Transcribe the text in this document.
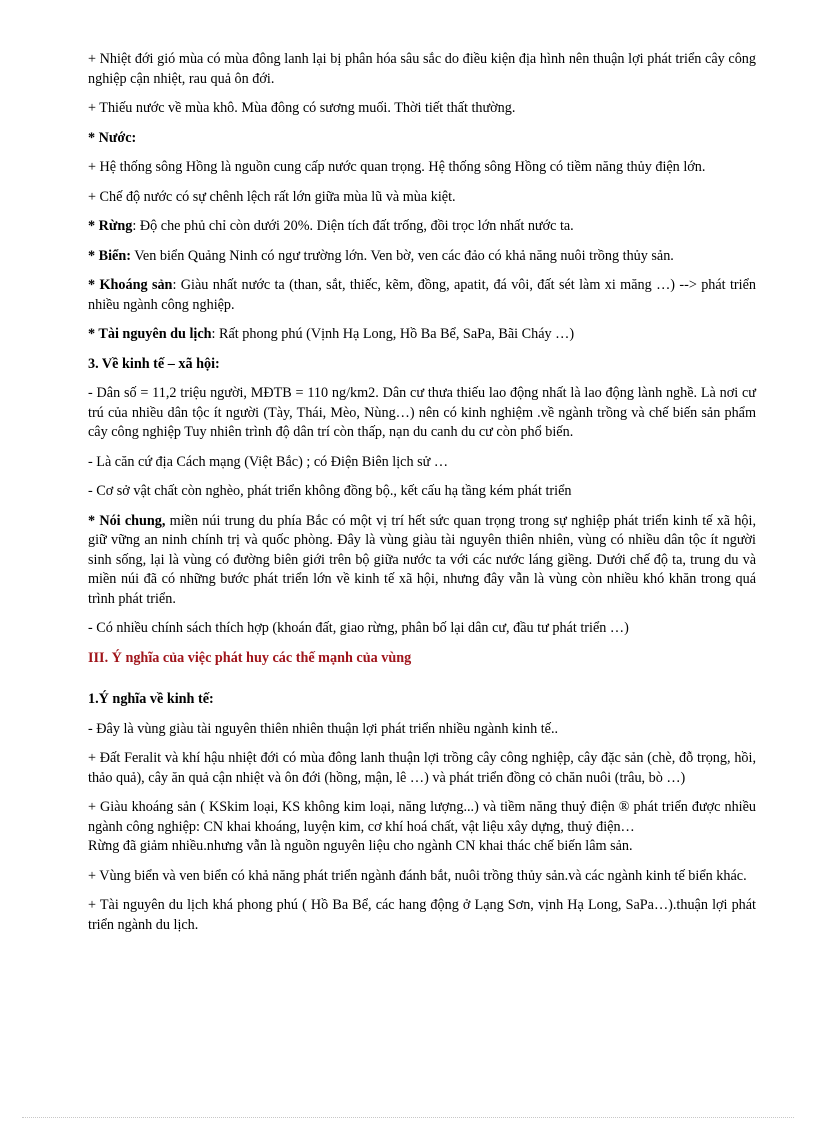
+ Nhiệt đới gió mùa có mùa đông lanh lại bị phân hóa sâu sắc do điều kiện địa hình nên thuận lợi phát triển cây công nghiệp cận nhiệt, rau quả ôn đới.

+ Thiếu nước về mùa khô. Mùa đông có sương muối. Thời tiết thất thường.

* Nước:

+ Hệ thống sông Hồng là nguồn cung cấp nước quan trọng. Hệ thống sông Hồng có tiềm năng thủy điện lớn.

+ Chế độ nước có sự chênh lệch rất lớn giữa mùa lũ và mùa kiệt.

* Rừng: Độ che phủ chỉ còn dưới 20%. Diện tích đất trống, đồi trọc lớn nhất nước ta.

* Biển: Ven biển Quảng Ninh có ngư trường lớn. Ven bờ, ven các đảo có khả năng nuôi trồng thủy sản.

* Khoáng sản: Giàu nhất nước ta (than, sắt, thiếc, kẽm, đồng, apatit, đá vôi, đất sét làm xi măng …) --> phát triển nhiều ngành công nghiệp.

* Tài nguyên du lịch: Rất phong phú (Vịnh Hạ Long, Hồ Ba Bể, SaPa, Bãi Cháy …)

3. Về kinh tế – xã hội:

- Dân số = 11,2 triệu người, MĐTB = 110 ng/km2. Dân cư thưa thiếu lao động nhất là lao động lành nghề. Là nơi cư trú của nhiều dân tộc ít người (Tày, Thái, Mèo, Nùng…) nên có kinh nghiệm .về ngành trồng và chế biến sản phẩm cây công nghiệp Tuy nhiên trình độ dân trí còn thấp, nạn du canh du cư còn phổ biến.

- Là căn cứ địa Cách mạng (Việt Bắc) ; có Điện Biên lịch sử …

- Cơ sở vật chất còn nghèo, phát triển không đồng bộ., kết cấu hạ tầng kém phát triển

* Nói chung, miền núi trung du phía Bắc có một vị trí hết sức quan trọng trong sự nghiệp phát triển kinh tế xã hội, giữ vững an ninh chính trị và quốc phòng. Đây là vùng giàu tài nguyên thiên nhiên, vùng có nhiều dân tộc ít người sinh sống, lại là vùng có đường biên giới trên bộ giữa nước ta với các nước láng giềng. Dưới chế độ ta, trung du và miền núi đã có những bước phát triển lớn về kinh tế xã hội, nhưng đây vẫn là vùng còn nhiều khó khăn trong quá trình phát triển.

- Có nhiều chính sách thích hợp (khoán đất, giao rừng, phân bố lại dân cư, đầu tư phát triển …)

III. Ý nghĩa của việc phát huy các thế mạnh của vùng

1.Ý nghĩa về kinh tế:

- Đây là vùng giàu tài nguyên thiên nhiên thuận lợi phát triển nhiều ngành kinh tế..

+ Đất Feralit và khí hậu nhiệt đới có mùa đông lanh thuận lợi trồng cây công nghiệp, cây đặc sản (chè, đỗ trọng, hồi, thảo quả), cây ăn quả cận nhiệt và ôn đới (hồng, mận, lê …) và phát triển đồng cỏ chăn nuôi (trâu, bò …)

+ Giàu khoáng sản ( KSkim loại, KS không kim loại, năng lượng...) và tiềm năng thuỷ điện ® phát triển được nhiều ngành công nghiệp: CN khai khoáng, luyện kim, cơ khí hoá chất, vật liệu xây dựng, thuỷ điện…

Rừng đã giảm nhiều.nhưng vẫn là nguồn nguyên liệu cho ngành CN khai thác chế biến lâm sản.

+ Vùng biển và ven biển có khả năng phát triển ngành đánh bắt, nuôi trồng thủy sản.và các ngành kinh tế biển khác.

+ Tài nguyên du lịch khá phong phú ( Hồ Ba Bể, các hang động ở Lạng Sơn, vịnh Hạ Long, SaPa…).thuận lợi phát triển ngành du lịch.
